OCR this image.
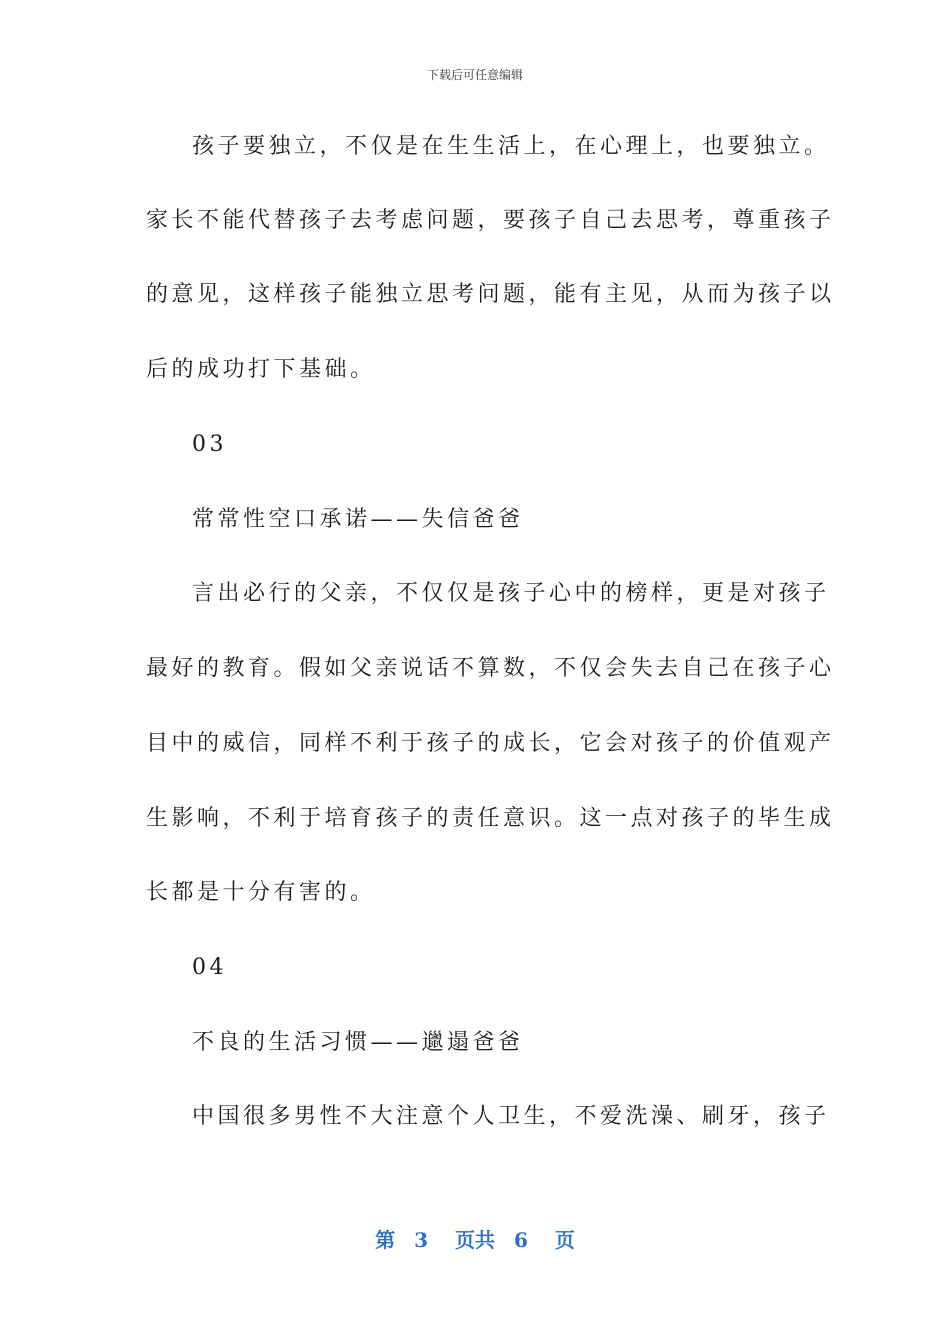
下载后可任意编辑
孩子要独立，不仅是在生生活上，在心理上，也要独立。
家长不能代替孩子去考虑问题，要孩子自己去思考，尊重孩子
的意见，这样孩子能独立思考问题，能有主见，从而为孩子以
后的成功打下基础。
03
常常性空口承诺——失信爸爸
言出必行的父亲，不仅仅是孩子心中的榜样，更是对孩子
最好的教育。假如父亲说话不算数，不仅会失去自己在孩子心
目中的威信，同样不利于孩子的成长，它会对孩子的价值观产
生影响，不利于培育孩子的责任意识。这一点对孩子的毕生成
长都是十分有害的。
04
不良的生活习惯——邋遢爸爸
中国很多男性不大注意个人卫生，不爱洗澡、刷牙，孩子
第 3 页共 6 页
